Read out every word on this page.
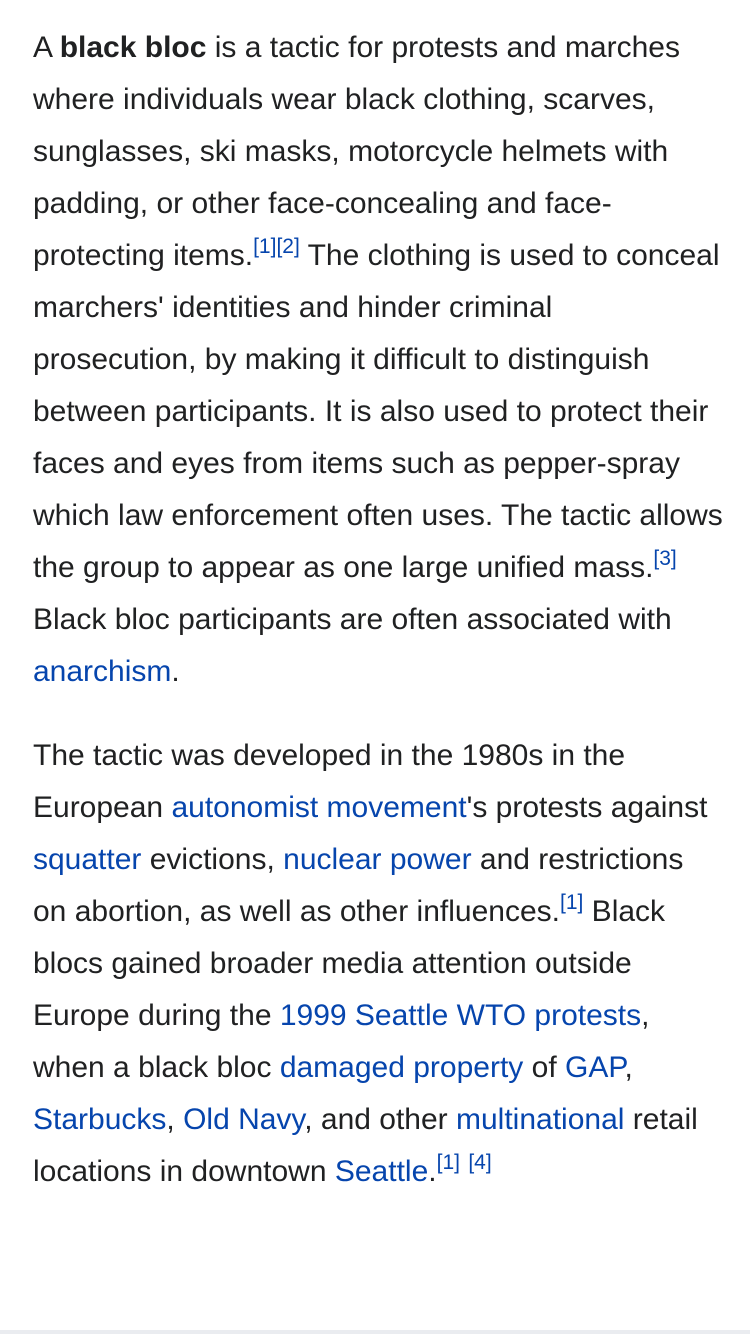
A black bloc is a tactic for protests and marches where individuals wear black clothing, scarves, sunglasses, ski masks, motorcycle helmets with padding, or other face-concealing and face-protecting items.[1][2] The clothing is used to conceal marchers' identities and hinder criminal prosecution, by making it difficult to distinguish between participants. It is also used to protect their faces and eyes from items such as pepper-spray which law enforcement often uses. The tactic allows the group to appear as one large unified mass.[3] Black bloc participants are often associated with anarchism.

The tactic was developed in the 1980s in the European autonomist movement's protests against squatter evictions, nuclear power and restrictions on abortion, as well as other influences.[1] Black blocs gained broader media attention outside Europe during the 1999 Seattle WTO protests, when a black bloc damaged property of GAP, Starbucks, Old Navy, and other multinational retail locations in downtown Seattle.[1] [4]
